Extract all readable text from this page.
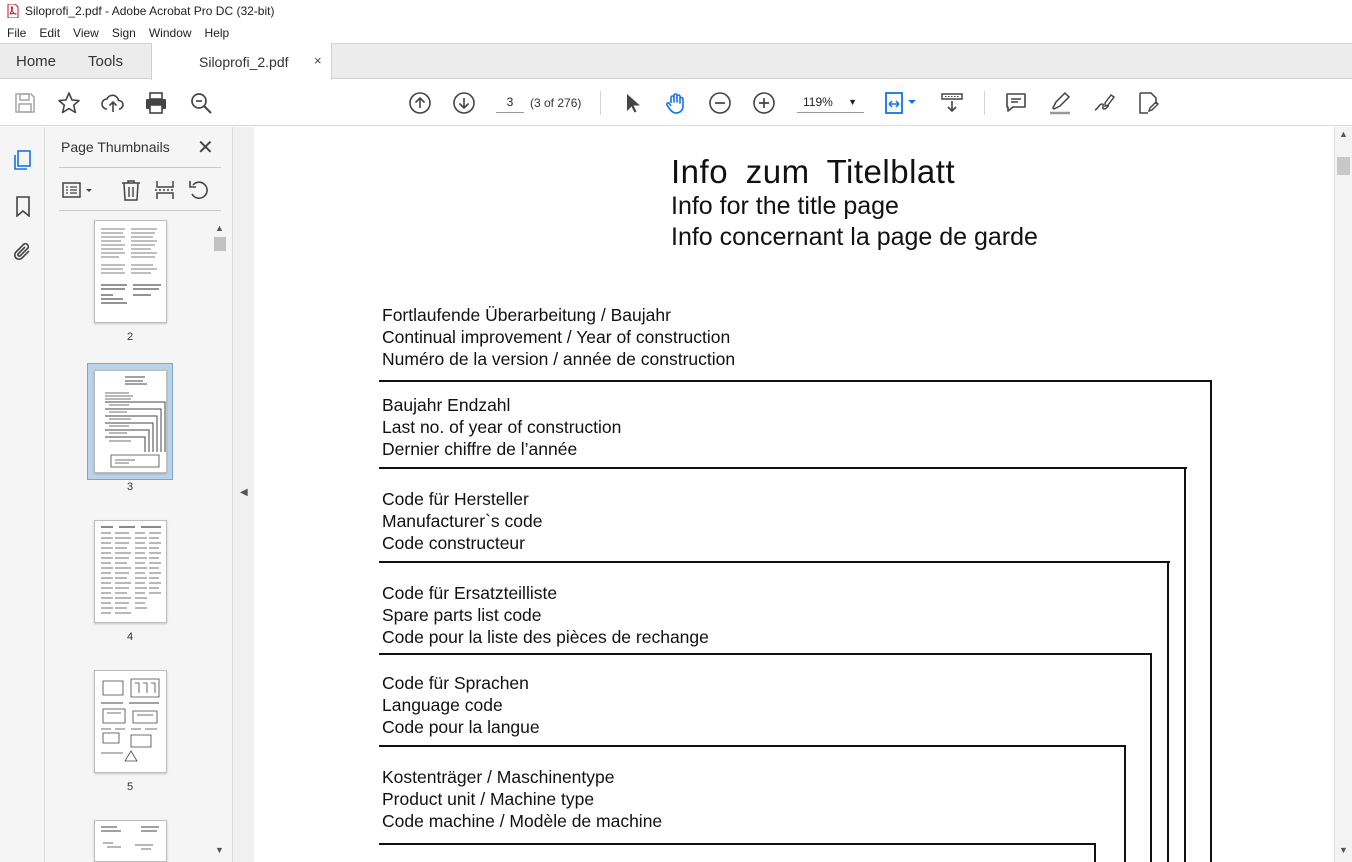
Siloprofi_2.pdf - Adobe Acrobat Pro DC (32-bit)
File	Edit	View	Sign	Window	Help
Home Tools	Siloprofi_2.pdf ×
3	(3 of 276)	119% ▼
Page Thumbnails ✕
2
3
4
5
▲
▼
◀
Info zum Titelblatt
Info for the title page
Info concernant la page de garde
Fortlaufende Überarbeitung / Baujahr
Continual improvement / Year of construction
Numéro de la version / année de construction
Baujahr Endzahl
Last no. of year of construction
Dernier chiffre de l’année
Code für Hersteller
Manufacturer`s code
Code constructeur
Code für Ersatzteilliste
Spare parts list code
Code pour la liste des pièces de rechange
Code für Sprachen
Language code
Code pour la langue
Kostenträger / Maschinentype
Product unit / Machine type
Code machine / Modèle de machine
▲
▼
